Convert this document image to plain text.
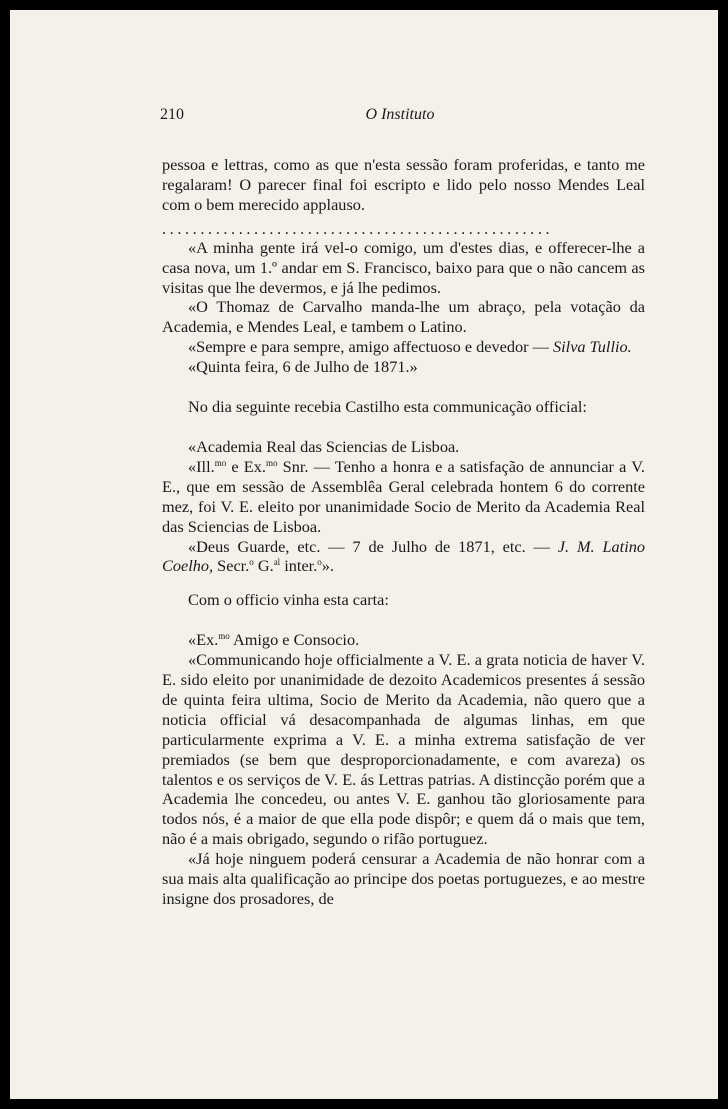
210	O Instituto

pessoa e lettras, como as que n'esta sessão foram proferidas, e tanto me regalaram! O parecer final foi escripto e lido pelo nosso Mendes Leal com o bem merecido applauso.

...................................................

«A minha gente irá vel-o comigo, um d'estes dias, e offerecer-lhe a casa nova, um 1.º andar em S. Francisco, baixo para que o não cancem as visitas que lhe devermos, e já lhe pedimos.

«O Thomaz de Carvalho manda-lhe um abraço, pela votação da Academia, e Mendes Leal, e tambem o Latino.

«Sempre e para sempre, amigo affectuoso e devedor — Silva Tullio.

«Quinta feira, 6 de Julho de 1871.»

No dia seguinte recebia Castilho esta communicação official:

«Academia Real das Sciencias de Lisboa.

«Ill.$^{mo}$ e Ex.$^{mo}$ Snr. — Tenho a honra e a satisfação de annunciar a V. E., que em sessão de Assemblêa Geral celebrada hontem 6 do corrente mez, foi V. E. eleito por unanimidade Socio de Merito da Academia Real das Sciencias de Lisboa.

«Deus Guarde, etc. — 7 de Julho de 1871, etc. — J. M. Latino Coelho, Secr.$^o$ G.$^{al}$ inter.$^o$».

Com o officio vinha esta carta:

«Ex.$^{mo}$ Amigo e Consocio.

«Communicando hoje officialmente a V. E. a grata noticia de haver V. E. sido eleito por unanimidade de dezoito Academicos presentes á sessão de quinta feira ultima, Socio de Merito da Academia, não quero que a noticia official vá desacompanhada de algumas linhas, em que particularmente exprima a V. E. a minha extrema satisfação de ver premiados (se bem que desproporcionadamente, e com avareza) os talentos e os serviços de V. E. ás Lettras patrias. A distincção porém que a Academia lhe concedeu, ou antes V. E. ganhou tão gloriosamente para todos nós, é a maior de que ella pode dispôr; e quem dá o mais que tem, não é a mais obrigado, segundo o rifão portuguez.

«Já hoje ninguem poderá censurar a Academia de não honrar com a sua mais alta qualificação ao principe dos poetas portuguezes, e ao mestre insigne dos prosadores, de
